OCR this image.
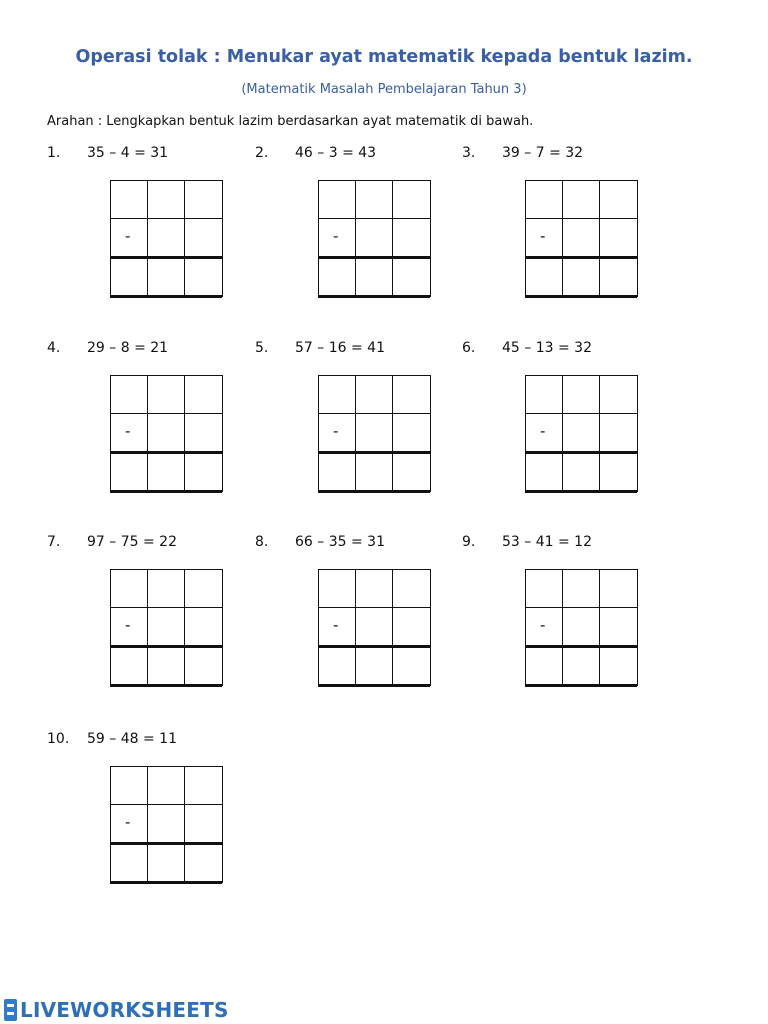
Operasi tolak : Menukar ayat matematik kepada bentuk lazim.
(Matematik Masalah Pembelajaran Tahun 3)
Arahan : Lengkapkan bentuk lazim berdasarkan ayat matematik di bawah.
1. 35 – 4 = 31
-
2. 46 – 3 = 43
-
3. 39 – 7 = 32
-
4. 29 – 8 = 21
-
5. 57 – 16 = 41
-
6. 45 – 13 = 32
-
7. 97 – 75 = 22
-
8. 66 – 35 = 31
-
9. 53 – 41 = 12
-
10. 59 – 48 = 11
-
LIVEWORKSHEETS
